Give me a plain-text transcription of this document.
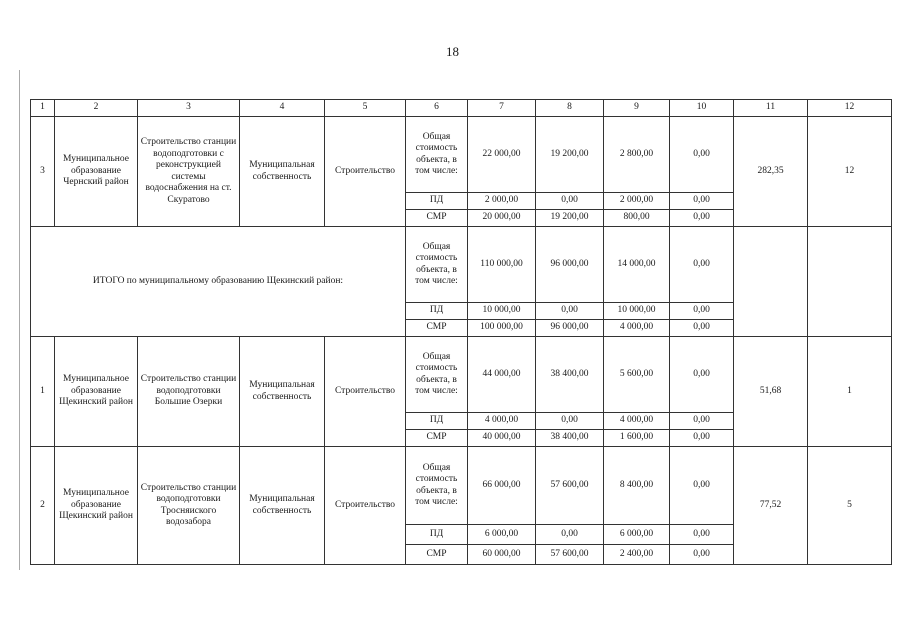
18
1	2	3	4	5	6	7	8	9	10	11	12
3	Муниципальное образование Чернский район	Строительство станции водоподготовки с реконструкцией системы водоснабжения на ст. Скуратово	Муниципальная собственность	Строительство	Общая стоимость объекта, в том числе:	22 000,00	19 200,00	2 800,00	0,00	282,35	12
					ПД	2 000,00	0,00	2 000,00	0,00		
					СМР	20 000,00	19 200,00	800,00	0,00		
ИТОГО по муниципальному образованию Щекинский район:					Общая стоимость объекта, в том числе:	110 000,00	96 000,00	14 000,00	0,00		
					ПД	10 000,00	0,00	10 000,00	0,00		
					СМР	100 000,00	96 000,00	4 000,00	0,00		
1	Муниципальное образование Щекинский район	Строительство станции водоподготовки Большие Озерки	Муниципальная собственность	Строительство	Общая стоимость объекта, в том числе:	44 000,00	38 400,00	5 600,00	0,00	51,68	1
					ПД	4 000,00	0,00	4 000,00	0,00		
					СМР	40 000,00	38 400,00	1 600,00	0,00		
2	Муниципальное образование Щекинский район	Строительство станции водоподготовки Тросняиского водозабора	Муниципальная собственность	Строительство	Общая стоимость объекта, в том числе:	66 000,00	57 600,00	8 400,00	0,00	77,52	5
					ПД	6 000,00	0,00	6 000,00	0,00		
					СМР	60 000,00	57 600,00	2 400,00	0,00		
